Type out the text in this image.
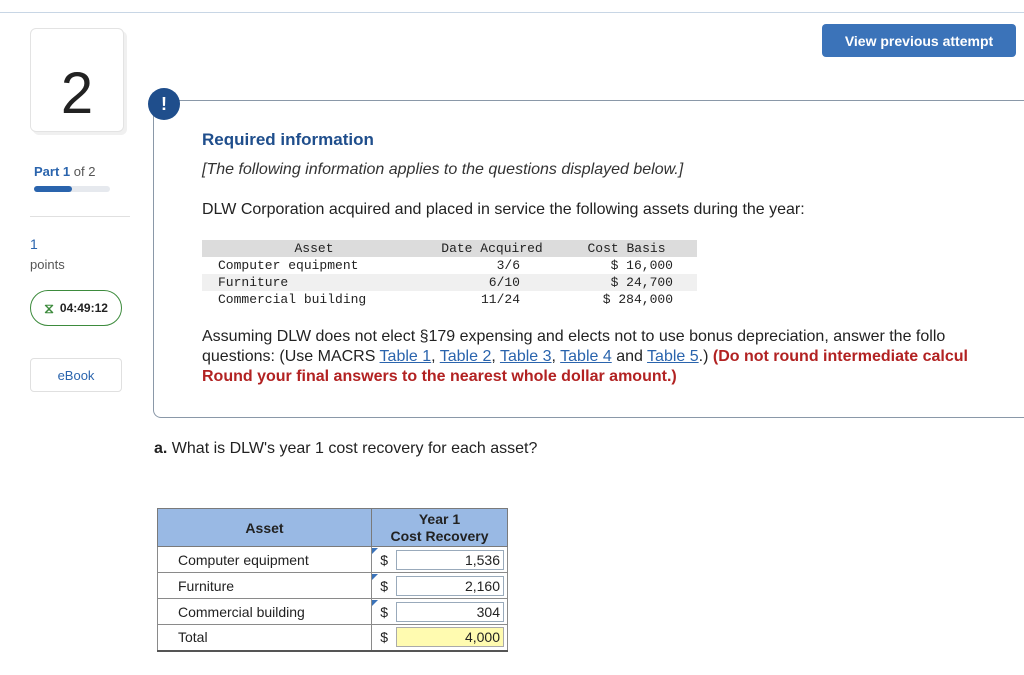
2
Part 1 of 2
1
points
⧖ 04:49:12
eBook
View previous attempt
!
Required information
[The following information applies to the questions displayed below.]
DLW Corporation acquired and placed in service the following assets during the year:
Asset	Date Acquired	Cost Basis
Computer equipment	3/6	$ 16,000
Furniture	6/10	$ 24,700
Commercial building	11/24	$ 284,000
Assuming DLW does not elect §179 expensing and elects not to use bonus depreciation, answer the follo
questions: (Use MACRS Table 1, Table 2, Table 3, Table 4 and Table 5.) (Do not round intermediate calcul
Round your final answers to the nearest whole dollar amount.)
a. What is DLW's year 1 cost recovery for each asset?
Asset	Year 1
Cost Recovery

Computer equipment	$ 1,536

Furniture	$ 2,160

Commercial building	$ 304

Total	$ 4,000
